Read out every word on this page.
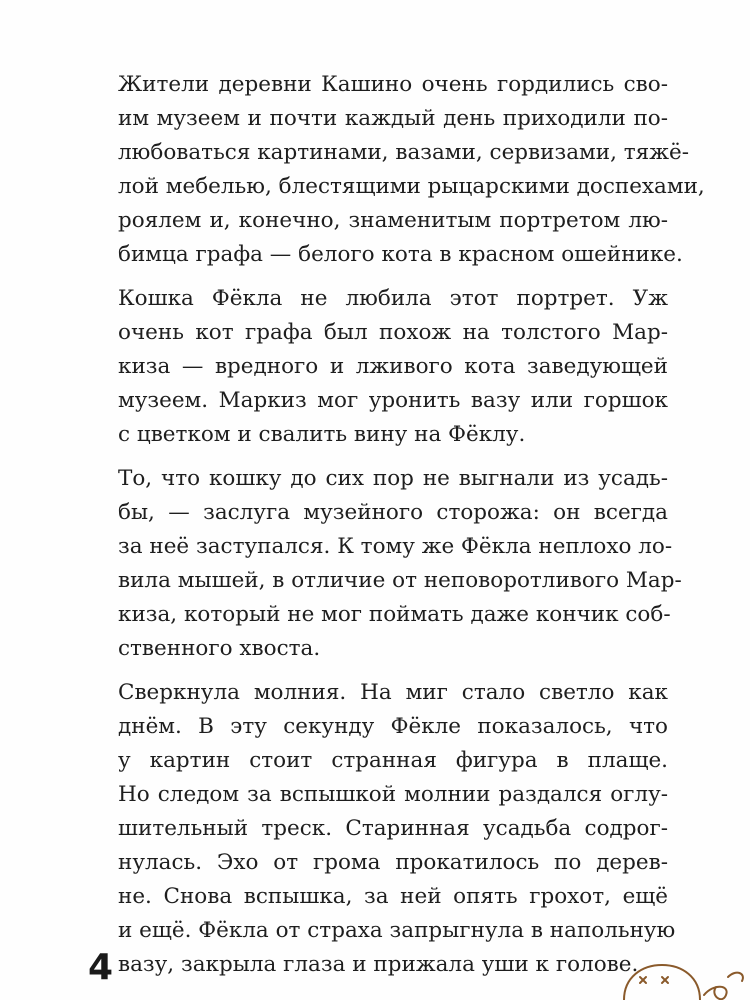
Жители деревни Кашино очень гордились сво-
им музеем и почти каждый день приходили по-
любоваться картинами, вазами, сервизами, тяжё-
лой мебелью, блестящими рыцарскими доспехами,
роялем и, конечно, знаменитым портретом лю-
бимца графа — белого кота в красном ошейнике.

Кошка Фёкла не любила этот портрет. Уж
очень кот графа был похож на толстого Мар-
киза — вредного и лживого кота заведующей
музеем. Маркиз мог уронить вазу или горшок
с цветком и свалить вину на Фёклу.

То, что кошку до сих пор не выгнали из усадь-
бы, — заслуга музейного сторожа: он всегда
за неё заступался. К тому же Фёкла неплохо ло-
вила мышей, в отличие от неповоротливого Мар-
киза, который не мог поймать даже кончик соб-
ственного хвоста.

Сверкнула молния. На миг стало светло как
днём. В эту секунду Фёкле показалось, что
у картин стоит странная фигура в плаще.
Но следом за вспышкой молнии раздался оглу-
шительный треск. Старинная усадьба содрог-
нулась. Эхо от грома прокатилось по дерев-
не. Снова вспышка, за ней опять грохот, ещё
и ещё. Фёкла от страха запрыгнула в напольную
вазу, закрыла глаза и прижала уши к голове.

4
